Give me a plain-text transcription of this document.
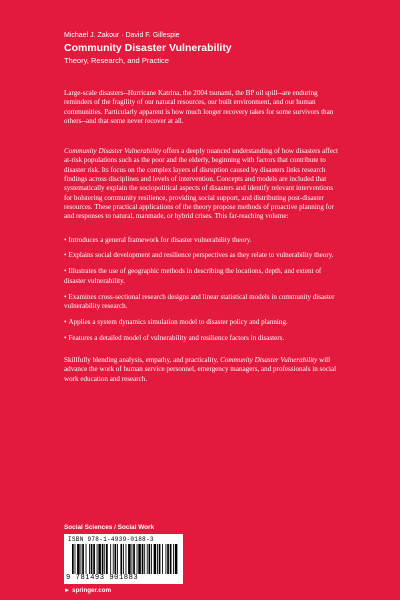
Michael J. Zakour · David F. Gillespie
Community Disaster Vulnerability
Theory, Research, and Practice

Large-scale disasters--Hurricane Katrina, the 2004 tsunami, the BP oil spill--are enduring reminders of the fragility of our natural resources, our built environment, and our human communities. Particularly apparent is how much longer recovery takes for some survivors than others--and that some never recover at all.

Community Disaster Vulnerability offers a deeply nuanced understanding of how disasters affect at-risk populations such as the poor and the elderly, beginning with factors that contribute to disaster risk. Its focus on the complex layers of disruption caused by disasters links research findings across disciplines and levels of intervention. Concepts and models are included that systematically explain the sociopolitical aspects of disasters and identify relevant interventions for bolstering community resilience, providing social support, and distributing post-disaster resources. These practical applications of the theory propose methods of proactive planning for and responses to natural, manmade, or hybrid crises. This far-reaching volume:

• Introduces a general framework for disaster vulnerability theory.
• Explains social development and resilience perspectives as they relate to vulnerability theory.
• Illustrates the use of geographic methods in describing the locations, depth, and extent of disaster vulnerability.
• Examines cross-sectional research designs and linear statistical models in community disaster vulnerability research.
• Applies a system dynamics simulation model to disaster policy and planning.
• Features a detailed model of vulnerability and resilience factors in disasters.

Skillfully blending analysis, empathy, and practicality, Community Disaster Vulnerability will advance the work of human service personnel, emergency managers, and professionals in social work education and research.

Social Sciences / Social Work
ISBN 978-1-4939-0188-3
9 781493 901883
► springer.com
